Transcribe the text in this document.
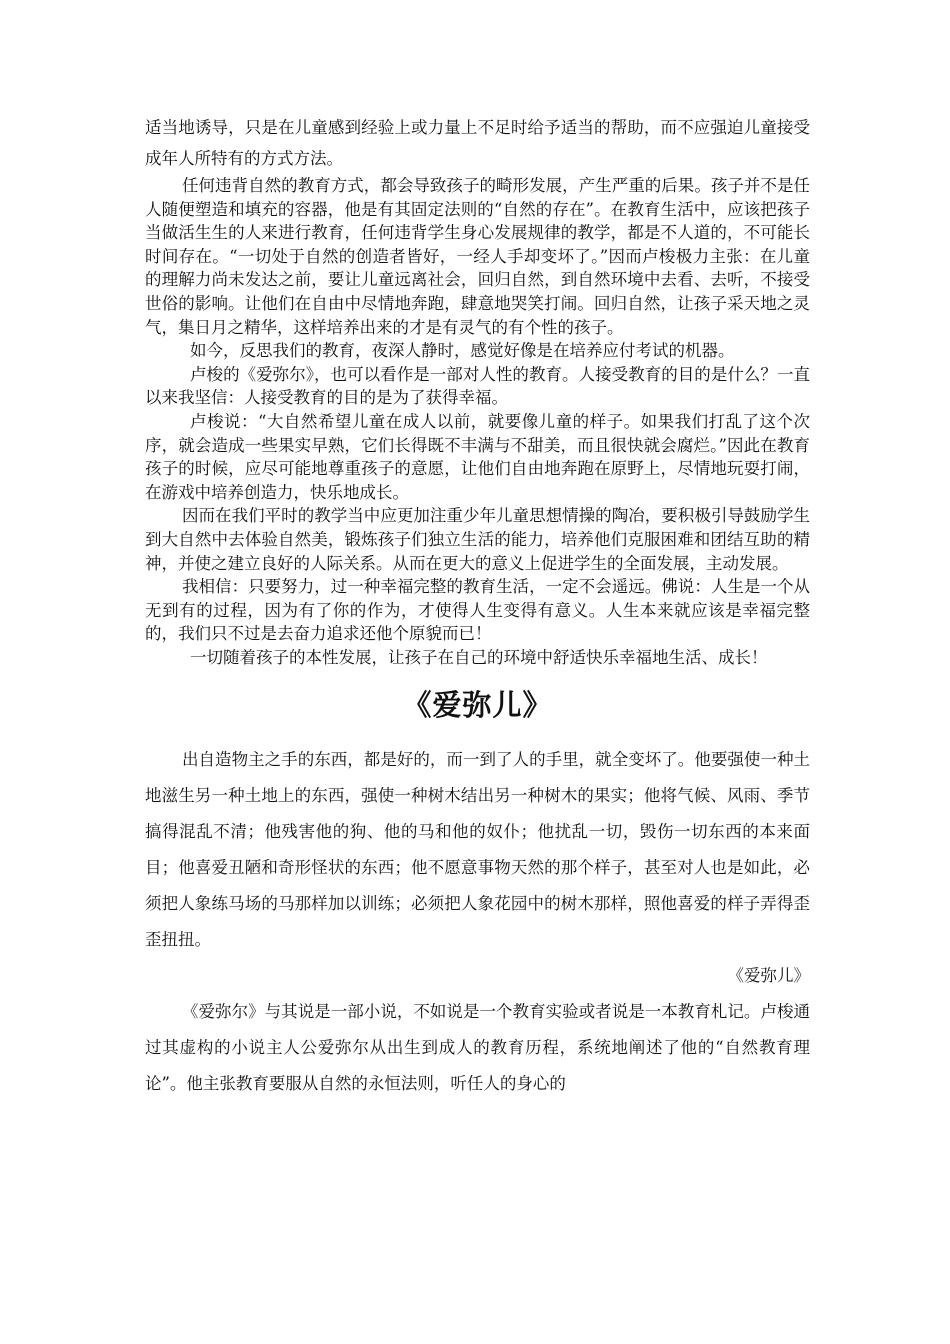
适当地诱导，只是在儿童感到经验上或力量上不足时给予适当的帮助，而不应强迫儿童接受成年人所特有的方式方法。

任何违背自然的教育方式，都会导致孩子的畸形发展，产生严重的后果。孩子并不是任人随便塑造和填充的容器，他是有其固定法则的“自然的存在”。在教育生活中，应该把孩子当做活生生的人来进行教育，任何违背学生身心发展规律的教学，都是不人道的，不可能长时间存在。“一切处于自然的创造者皆好，一经人手却变坏了。”因而卢梭极力主张：在儿童的理解力尚未发达之前，要让儿童远离社会，回归自然，到自然环境中去看、去听，不接受世俗的影响。让他们在自由中尽情地奔跑，肆意地哭笑打闹。回归自然，让孩子采天地之灵气，集日月之精华，这样培养出来的才是有灵气的有个性的孩子。

如今，反思我们的教育，夜深人静时，感觉好像是在培养应付考试的机器。

卢梭的《爱弥尔》，也可以看作是一部对人性的教育。人接受教育的目的是什么？一直以来我坚信：人接受教育的目的是为了获得幸福。

卢梭说：“大自然希望儿童在成人以前，就要像儿童的样子。如果我们打乱了这个次序，就会造成一些果实早熟，它们长得既不丰满与不甜美，而且很快就会腐烂。”因此在教育孩子的时候，应尽可能地尊重孩子的意愿，让他们自由地奔跑在原野上，尽情地玩耍打闹，在游戏中培养创造力，快乐地成长。

因而在我们平时的教学当中应更加注重少年儿童思想情操的陶冶，要积极引导鼓励学生到大自然中去体验自然美，锻炼孩子们独立生活的能力，培养他们克服困难和团结互助的精神，并使之建立良好的人际关系。从而在更大的意义上促进学生的全面发展，主动发展。

我相信：只要努力，过一种幸福完整的教育生活，一定不会遥远。佛说：人生是一个从无到有的过程，因为有了你的作为，才使得人生变得有意义。人生本来就应该是幸福完整的，我们只不过是去奋力追求还他个原貌而已！

一切随着孩子的本性发展，让孩子在自己的环境中舒适快乐幸福地生活、成长！

《爱弥儿》

出自造物主之手的东西，都是好的，而一到了人的手里，就全变坏了。他要强使一种土地滋生另一种土地上的东西，强使一种树木结出另一种树木的果实；他将气候、风雨、季节搞得混乱不清；他残害他的狗、他的马和他的奴仆；他扰乱一切，毁伤一切东西的本来面目；他喜爱丑陋和奇形怪状的东西；他不愿意事物天然的那个样子，甚至对人也是如此，必须把人象练马场的马那样加以训练；必须把人象花园中的树木那样，照他喜爱的样子弄得歪歪扭扭。

《爱弥儿》

《爱弥尔》与其说是一部小说，不如说是一个教育实验或者说是一本教育札记。卢梭通过其虚构的小说主人公爱弥尔从出生到成人的教育历程，系统地阐述了他的“自然教育理论”。他主张教育要服从自然的永恒法则，听任人的身心的
